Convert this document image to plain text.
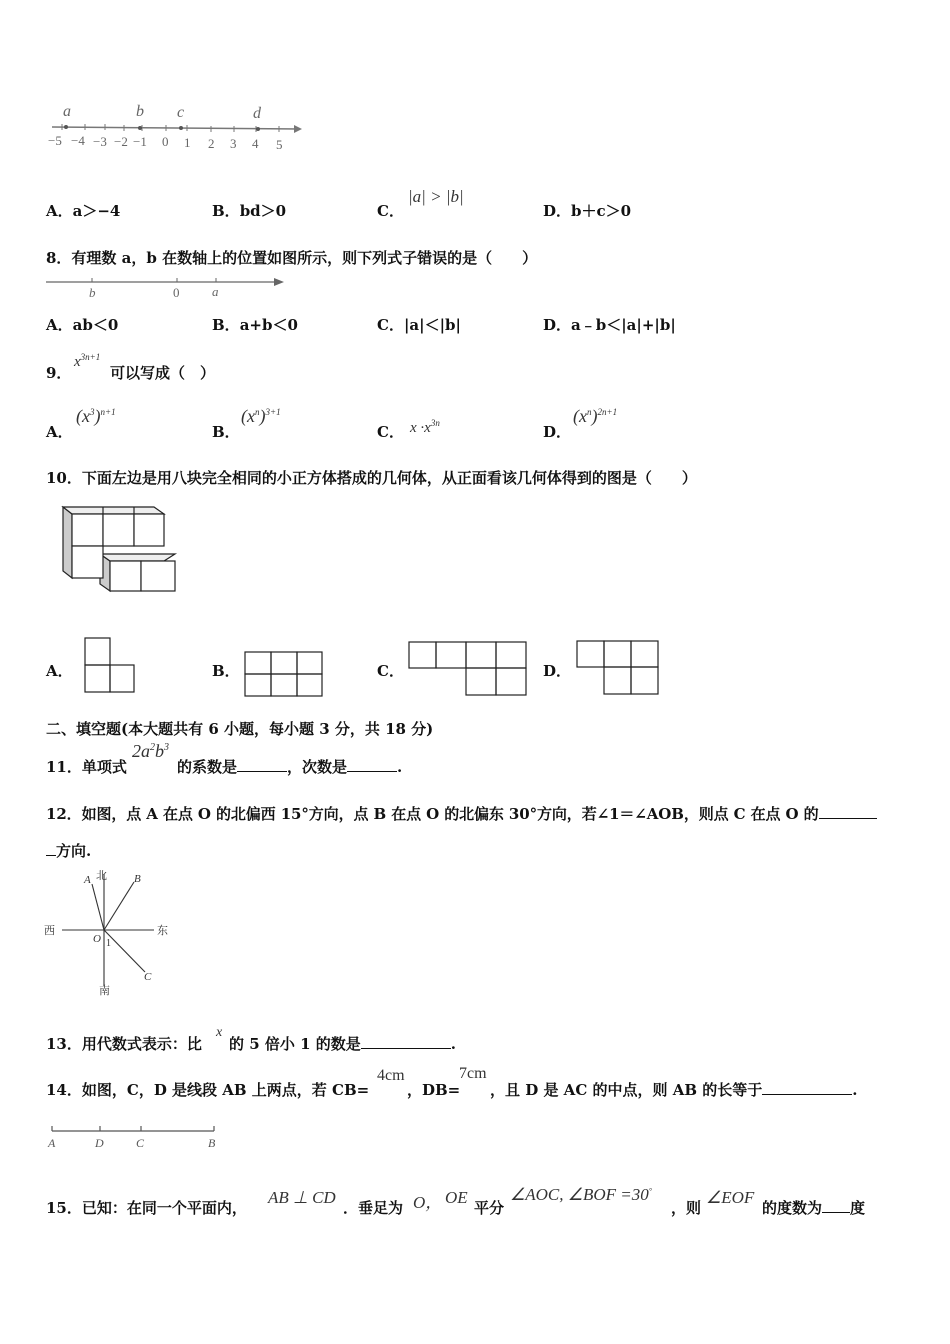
a	b c	d
−5 −4 −3 −2 −1 0 1 2 3 4 5
A．a＞−4	B．bd＞0	C．
|a| > |b|
D．b＋c＞0
8．有理数 a，b 在数轴上的位置如图所示，则下列式子错误的是（　　）
b	0	a
A．ab＜0	B．a+b＜0	C．|a|＜|b|	D．a﹣b＜|a|+|b|
9．
$x^{3n+1}$
可以写成（　）
A．
$(x^3)^{n+1}$
B．
$(x^n)^{3+1}$
C． $x \cdot x^{3n}$	D．
$(x^n)^{2n+1}$
10．下面左边是用八块完全相同的小正方体搭成的几何体，从正面看该几何体得到的图是（　　）
A．	B．	C．	D．
二、填空题(本大题共有 6 小题，每小题 3 分，共 18 分)
11．单项式
$2a^2b^3$
的系数是	，次数是	.
12．如图，点 A 在点 O 的北偏西 15°方向，点 B 在点 O 的北偏东 30°方向，若∠1＝∠AOB，则点 C 在点 O 的
方向.
北
南
西	东
A	B
C
O 1
13．用代数式表示：比
x
的 5 倍小 1 的数是	.
14．如图，C，D 是线段 AB 上两点，若 CB=
4cm
，DB=
7cm
，且 D 是 AC 的中点，则 AB 的长等于	.
A	D	C	B
15．已知：在同一个平面内，
AB ⊥ CD
．垂足为 O， OE
平分
∠AOC, ∠BOF =30°
，则
∠EOF
的度数为 度
